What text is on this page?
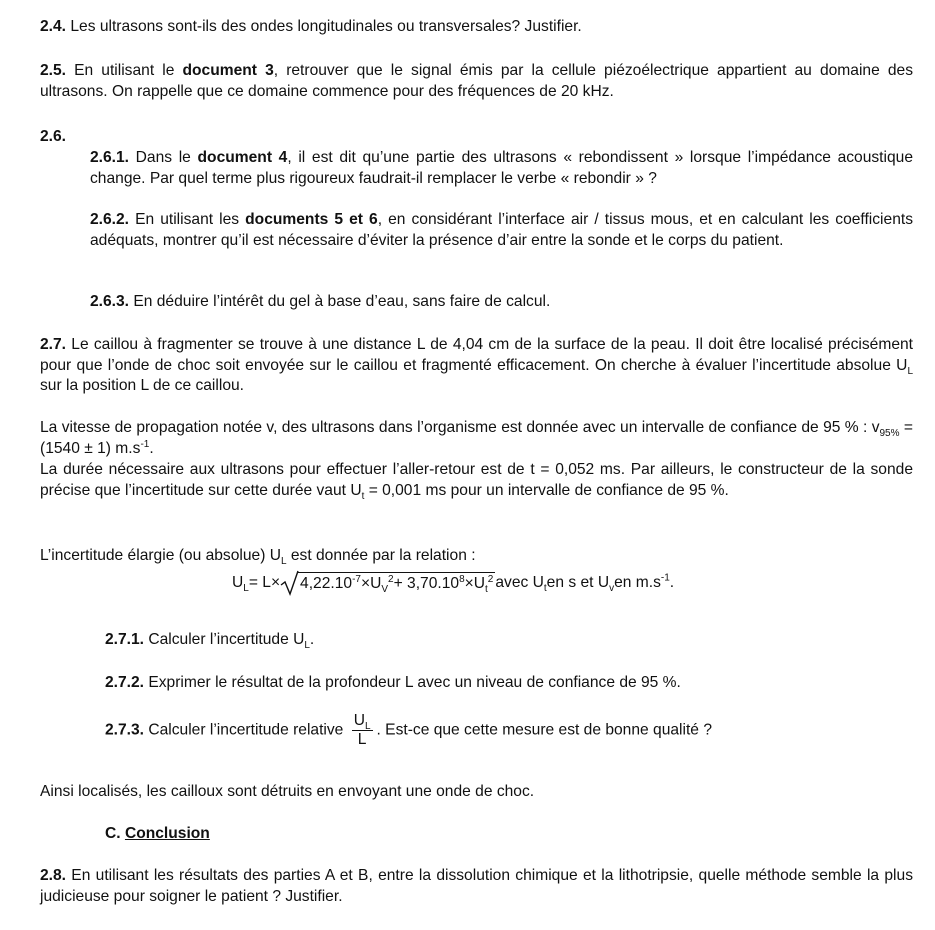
2.4. Les ultrasons sont-ils des ondes longitudinales ou transversales? Justifier.

2.5. En utilisant le document 3, retrouver que le signal émis par la cellule piézoélectrique appartient au domaine des ultrasons. On rappelle que ce domaine commence pour des fréquences de 20 kHz.

2.6.

2.6.1. Dans le document 4, il est dit qu’une partie des ultrasons « rebondissent » lorsque l’impédance acoustique change. Par quel terme plus rigoureux faudrait-il remplacer le verbe « rebondir » ?

2.6.2. En utilisant les documents 5 et 6, en considérant l’interface air / tissus mous, et en calculant les coefficients adéquats, montrer qu’il est nécessaire d’éviter la présence d’air entre la sonde et le corps du patient.

2.6.3. En déduire l’intérêt du gel à base d’eau, sans faire de calcul.

2.7. Le caillou à fragmenter se trouve à une distance L de 4,04 cm de la surface de la peau. Il doit être localisé précisément pour que l’onde de choc soit envoyée sur le caillou et fragmenté efficacement. On cherche à évaluer l’incertitude absolue $U_L$ sur la position L de ce caillou.

La vitesse de propagation notée v, des ultrasons dans l’organisme est donnée avec un intervalle de confiance de 95 % : $v_{95\%} = (1540 \pm 1)$ $m.s^{-1}$.

La durée nécessaire aux ultrasons pour effectuer l’aller-retour est de t = 0,052 ms. Par ailleurs, le constructeur de la sonde précise que l’incertitude sur cette durée vaut $U_t = 0,001$ ms pour un intervalle de confiance de 95 %.

L’incertitude élargie (ou absolue) $U_L$ est donnée par la relation :

$U_L= L\times 4,22.10^{-7}\times U_V^2+$ $3,70.10^8\times U_t^2avec$ $U_ten$ s et $U_ven$ $m.s^{-1}$.

2.7.1. Calculer l’incertitude $U_L$.

2.7.2. Exprimer le résultat de la profondeur L avec un niveau de confiance de 95 %.

2.7.3. Calculer l’incertitude relative $\frac{U_L}{L}$ . Est-ce que cette mesure est de bonne qualité ?

Ainsi localisés, les cailloux sont détruits en envoyant une onde de choc.

C. Conclusion

2.8. En utilisant les résultats des parties A et B, entre la dissolution chimique et la lithotripsie, quelle méthode semble la plus judicieuse pour soigner le patient ? Justifier.
